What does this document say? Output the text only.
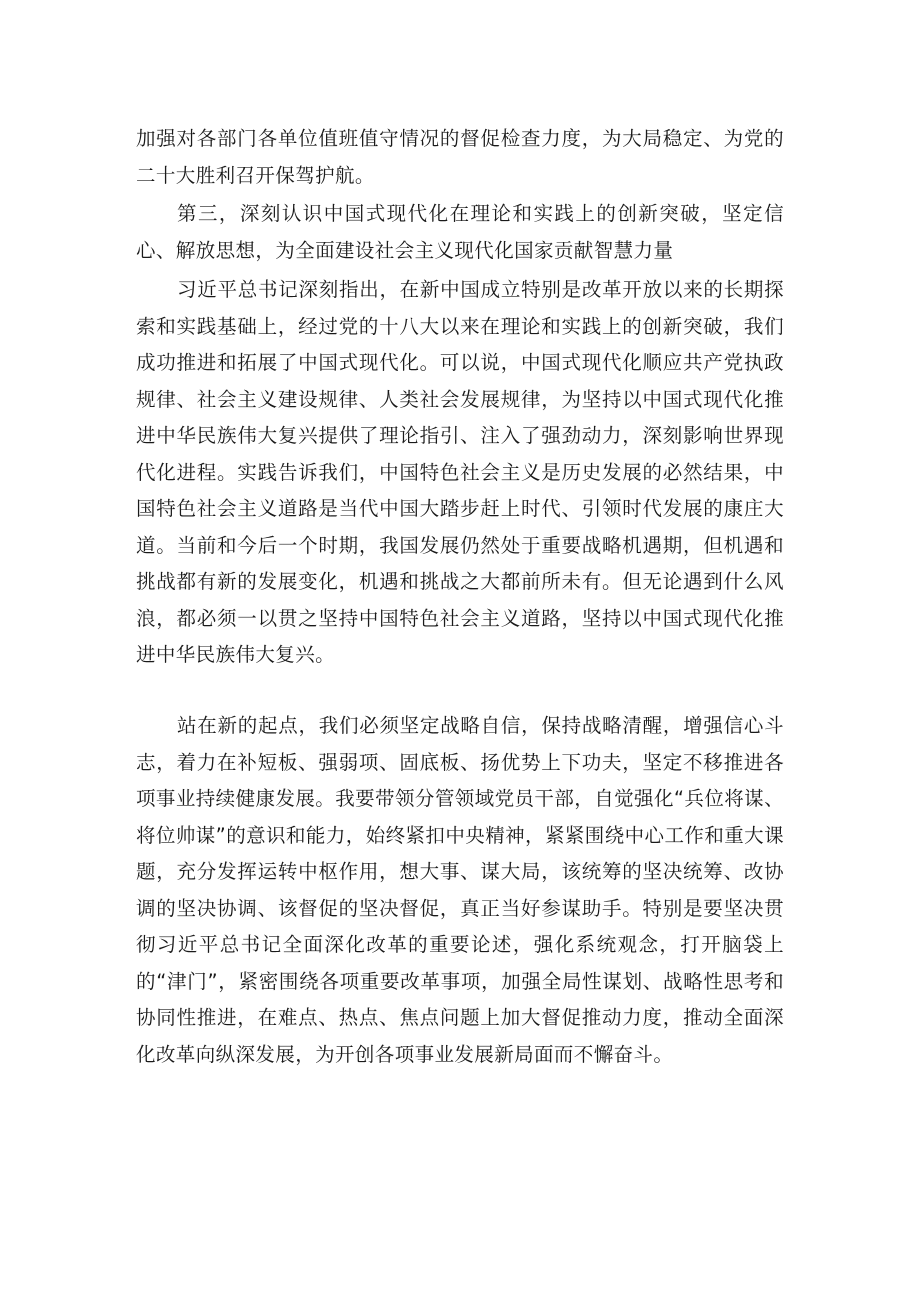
加强对各部门各单位值班值守情况的督促检查力度，为大局稳定、为党的二十大胜利召开保驾护航。

第三，深刻认识中国式现代化在理论和实践上的创新突破，坚定信心、解放思想，为全面建设社会主义现代化国家贡献智慧力量

习近平总书记深刻指出，在新中国成立特别是改革开放以来的长期探索和实践基础上，经过党的十八大以来在理论和实践上的创新突破，我们成功推进和拓展了中国式现代化。可以说，中国式现代化顺应共产党执政规律、社会主义建设规律、人类社会发展规律，为坚持以中国式现代化推进中华民族伟大复兴提供了理论指引、注入了强劲动力，深刻影响世界现代化进程。实践告诉我们，中国特色社会主义是历史发展的必然结果，中国特色社会主义道路是当代中国大踏步赶上时代、引领时代发展的康庄大道。当前和今后一个时期，我国发展仍然处于重要战略机遇期，但机遇和挑战都有新的发展变化，机遇和挑战之大都前所未有。但无论遇到什么风浪，都必须一以贯之坚持中国特色社会主义道路，坚持以中国式现代化推进中华民族伟大复兴。

站在新的起点，我们必须坚定战略自信，保持战略清醒，增强信心斗志，着力在补短板、强弱项、固底板、扬优势上下功夫，坚定不移推进各项事业持续健康发展。我要带领分管领域党员干部，自觉强化“兵位将谋、将位帅谋”的意识和能力，始终紧扣中央精神，紧紧围绕中心工作和重大课题，充分发挥运转中枢作用，想大事、谋大局，该统筹的坚决统筹、改协调的坚决协调、该督促的坚决督促，真正当好参谋助手。特别是要坚决贯彻习近平总书记全面深化改革的重要论述，强化系统观念，打开脑袋上的“津门”，紧密围绕各项重要改革事项，加强全局性谋划、战略性思考和协同性推进，在难点、热点、焦点问题上加大督促推动力度，推动全面深化改革向纵深发展，为开创各项事业发展新局面而不懈奋斗。
